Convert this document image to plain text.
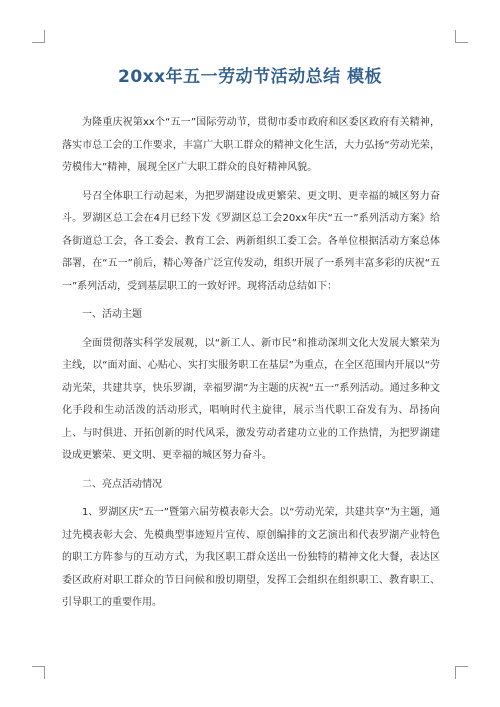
20xx年五一劳动节活动总结 模板

为隆重庆祝第xx个“五一”国际劳动节，贯彻市委市政府和区委区政府有关精神，落实市总工会的工作要求，丰富广大职工群众的精神文化生活，大力弘扬“劳动光荣，劳模伟大”精神，展现全区广大职工群众的良好精神风貌。

号召全体职工行动起来，为把罗湖建设成更繁荣、更文明、更幸福的城区努力奋斗。罗湖区总工会在4月已经下发《罗湖区总工会20xx年庆“五一”系列活动方案》给各街道总工会，各工委会、教育工会、两新组织工委工会。各单位根据活动方案总体部署，在“五一”前后，精心筹备广泛宣传发动，组织开展了一系列丰富多彩的庆祝“五一”系列活动，受到基层职工的一致好评。现将活动总结如下：

一、活动主题

全面贯彻落实科学发展观，以“新工人、新市民”和推动深圳文化大发展大繁荣为主线，以“面对面、心贴心、实打实服务职工在基层”为重点，在全区范围内开展以“劳动光荣，共建共享，快乐罗湖，幸福罗湖”为主题的庆祝“五一”系列活动。通过多种文化手段和生动活泼的活动形式，唱响时代主旋律，展示当代职工奋发有为、昂扬向上、与时俱进、开拓创新的时代风采，激发劳动者建功立业的工作热情，为把罗湖建设成更繁荣、更文明、更幸福的城区努力奋斗。

二、亮点活动情况

1、罗湖区庆“五一”暨第六届劳模表彰大会。以“劳动光荣，共建共享”为主题，通过先模表彰大会、先模典型事迹短片宣传、原创编排的文艺演出和代表罗湖产业特色的职工方阵参与的互动方式，为我区职工群众送出一份独特的精神文化大餐，表达区委区政府对职工群众的节日问候和殷切期望，发挥工会组织在组织职工、教育职工、引导职工的重要作用。
